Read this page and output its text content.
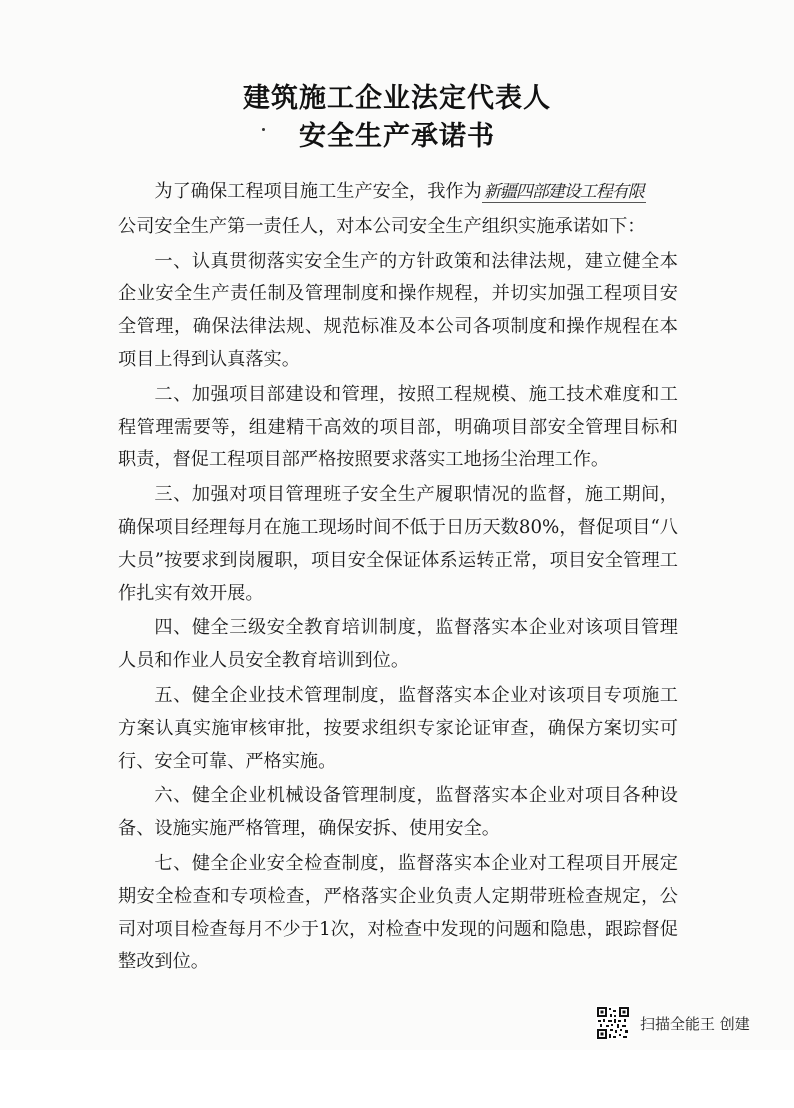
建筑施工企业法定代表人
安全生产承诺书

为了确保工程项目施工生产安全，我作为 新疆四部建设工程有限

公司安全生产第一责任人，对本公司安全生产组织实施承诺如下：

一、认真贯彻落实安全生产的方针政策和法律法规，建立健全本企业安全生产责任制及管理制度和操作规程，并切实加强工程项目安全管理，确保法律法规、规范标准及本公司各项制度和操作规程在本项目上得到认真落实。

二、加强项目部建设和管理，按照工程规模、施工技术难度和工程管理需要等，组建精干高效的项目部，明确项目部安全管理目标和职责，督促工程项目部严格按照要求落实工地扬尘治理工作。

三、加强对项目管理班子安全生产履职情况的监督，施工期间，确保项目经理每月在施工现场时间不低于日历天数80%，督促项目“八大员”按要求到岗履职，项目安全保证体系运转正常，项目安全管理工作扎实有效开展。

四、健全三级安全教育培训制度，监督落实本企业对该项目管理人员和作业人员安全教育培训到位。

五、健全企业技术管理制度，监督落实本企业对该项目专项施工方案认真实施审核审批，按要求组织专家论证审查，确保方案切实可行、安全可靠、严格实施。

六、健全企业机械设备管理制度，监督落实本企业对项目各种设备、设施实施严格管理，确保安拆、使用安全。

七、健全企业安全检查制度，监督落实本企业对工程项目开展定期安全检查和专项检查，严格落实企业负责人定期带班检查规定，公司对项目检查每月不少于1次，对检查中发现的问题和隐患，跟踪督促整改到位。

扫描全能王 创建
